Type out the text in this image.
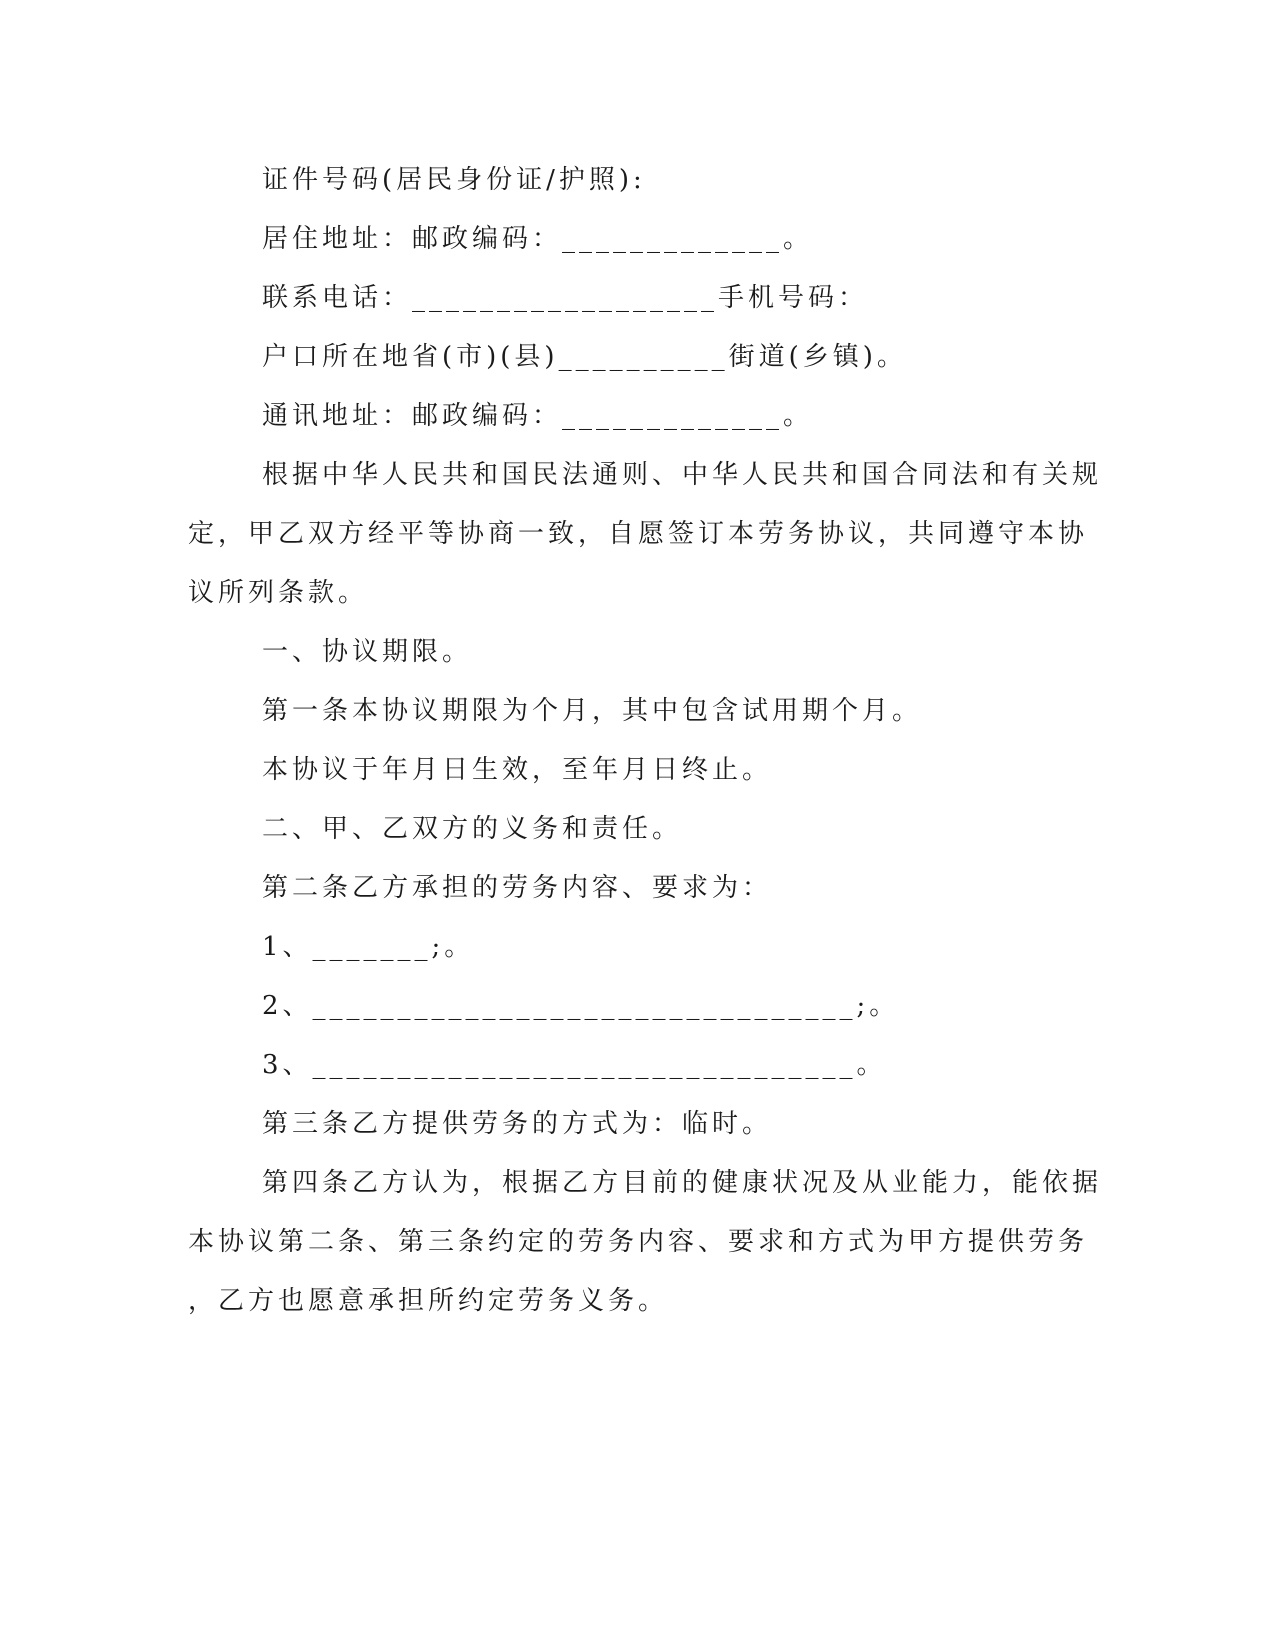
证件号码(居民身份证/护照):
居住地址：邮政编码：_____________。
联系电话：__________________手机号码：
户口所在地省(市)(县)__________街道(乡镇)。
通讯地址：邮政编码：_____________。
根据中华人民共和国民法通则、中华人民共和国合同法和有关规
定，甲乙双方经平等协商一致，自愿签订本劳务协议，共同遵守本协
议所列条款。
一、协议期限。
第一条本协议期限为个月，其中包含试用期个月。
本协议于年月日生效，至年月日终止。
二、甲、乙双方的义务和责任。
第二条乙方承担的劳务内容、要求为：
1、_______;。
2、________________________________;。
3、________________________________。
第三条乙方提供劳务的方式为：临时。
第四条乙方认为，根据乙方目前的健康状况及从业能力，能依据
本协议第二条、第三条约定的劳务内容、要求和方式为甲方提供劳务
，乙方也愿意承担所约定劳务义务。
